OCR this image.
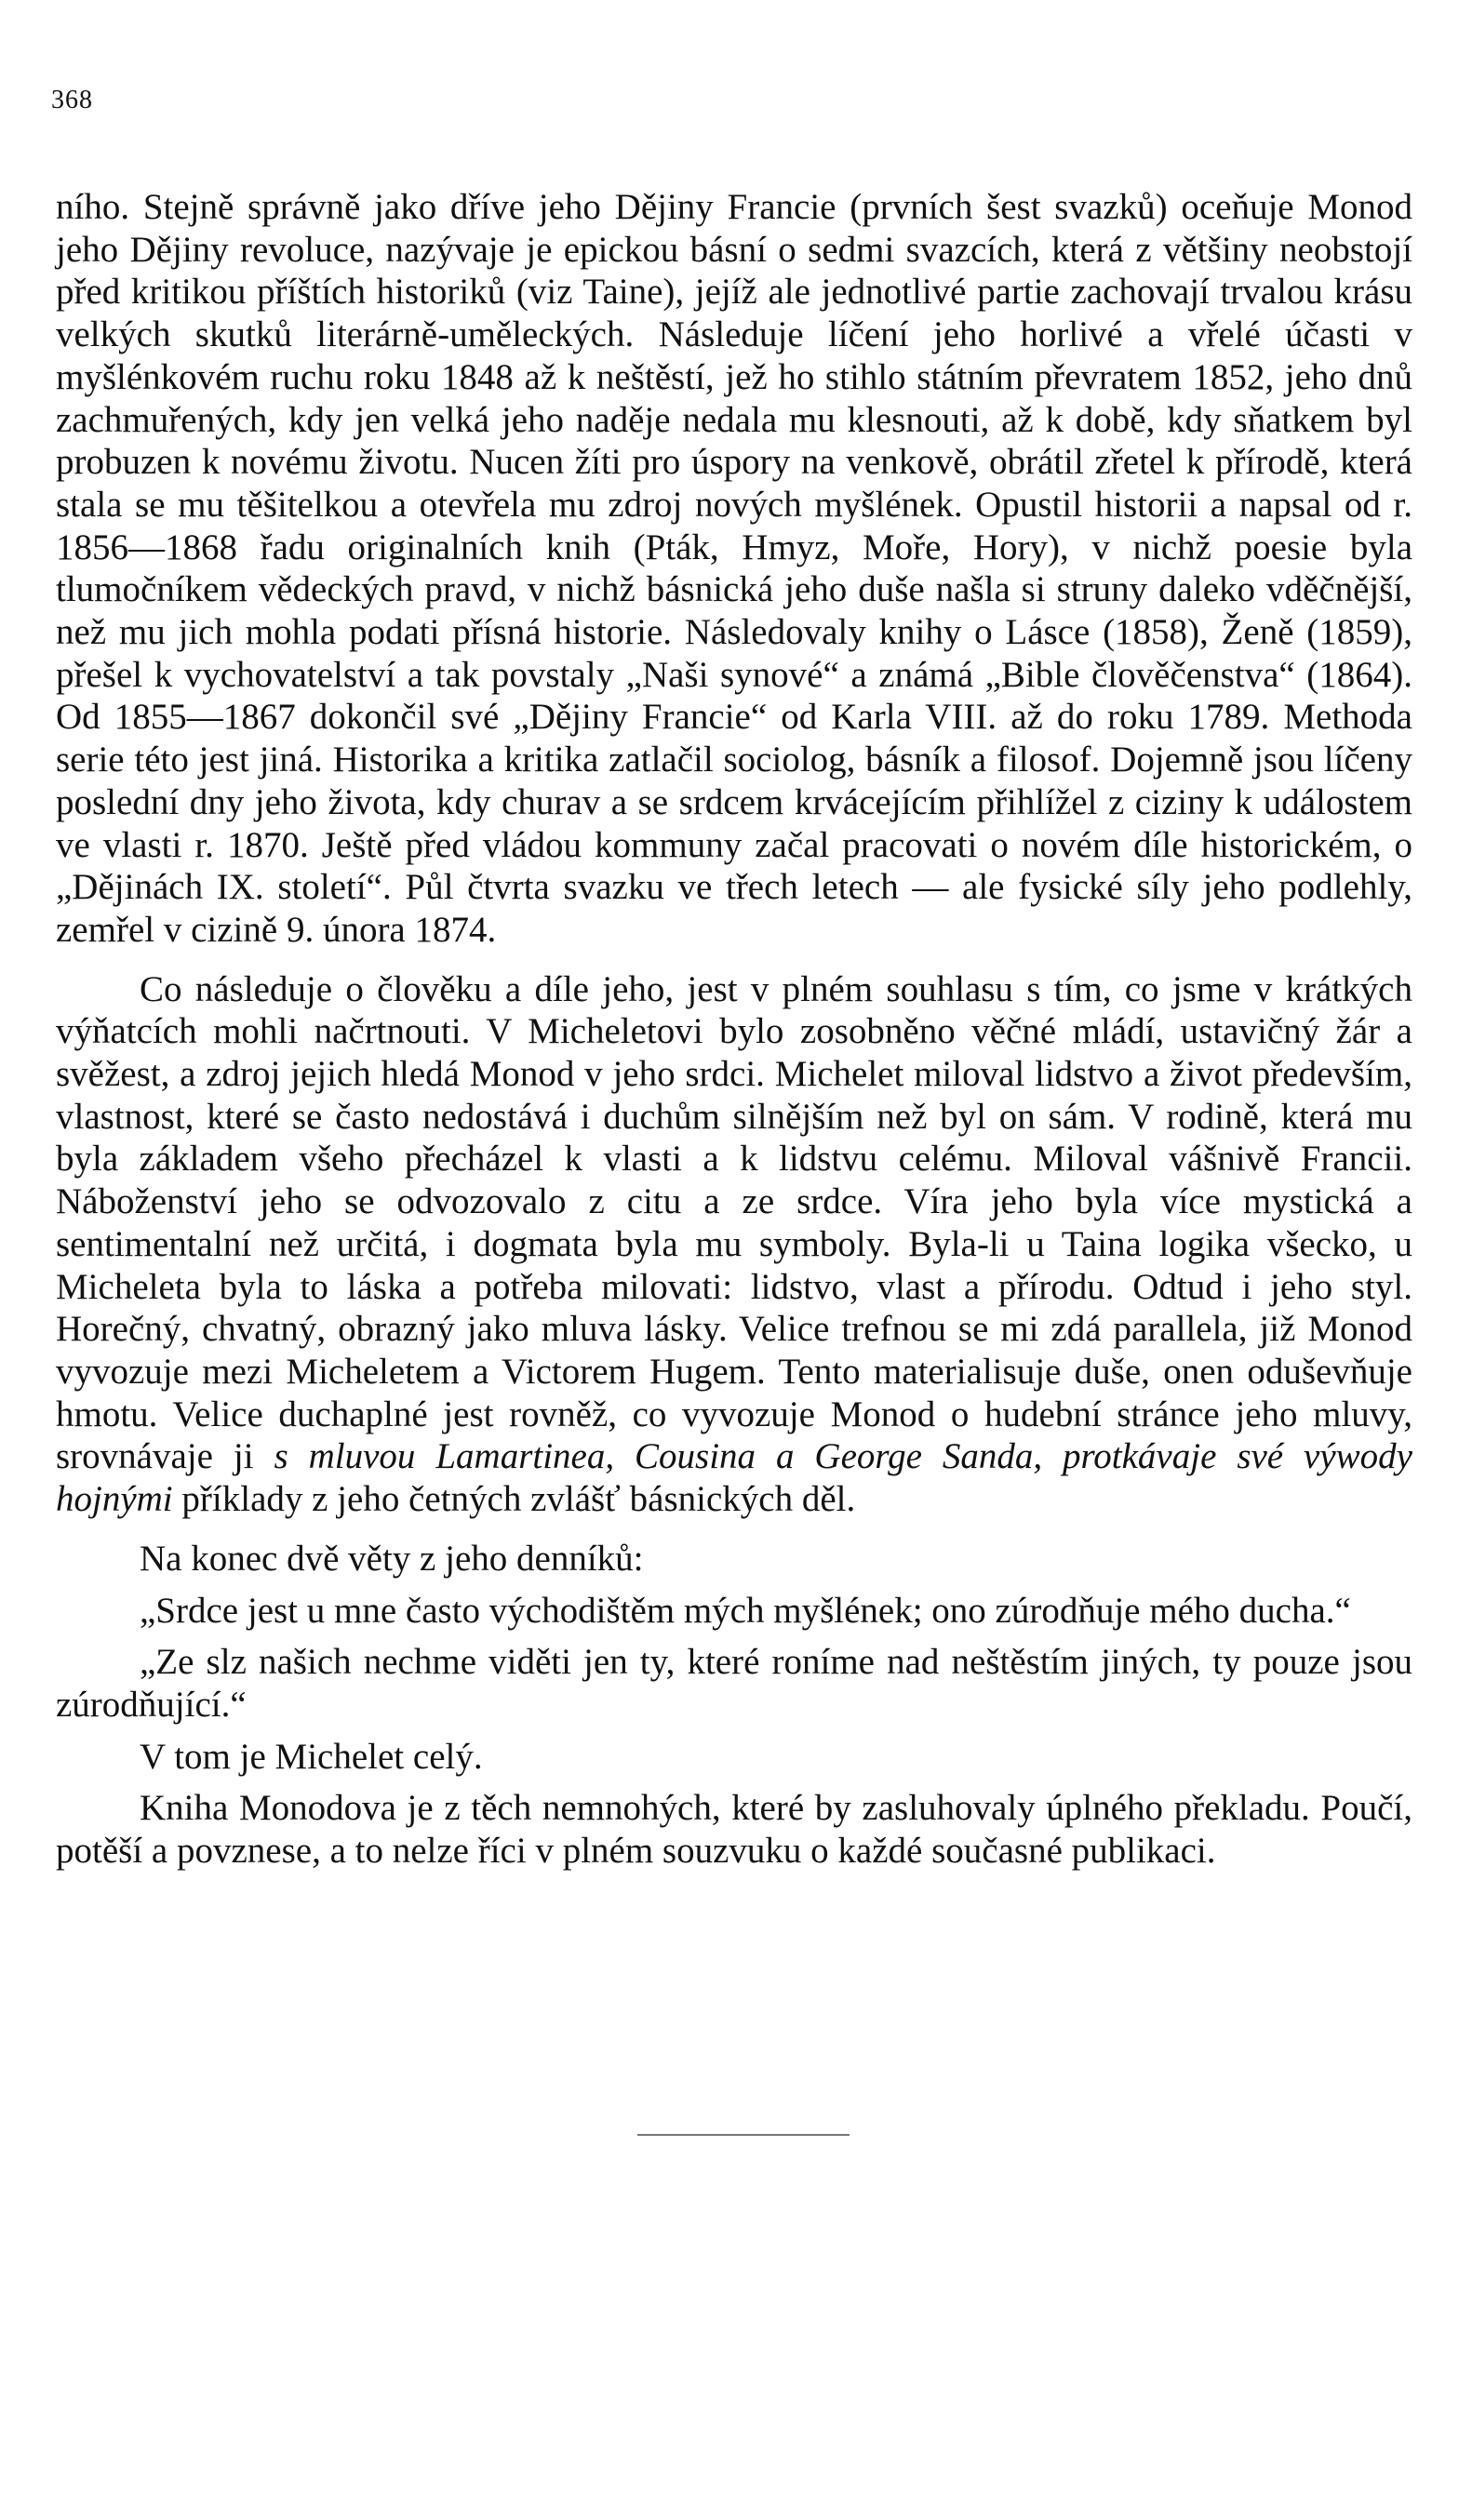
368

ního. Stejně správně jako dříve jeho Dějiny Francie (prvních šest svazků) oceňuje Monod jeho Dějiny revoluce, nazývaje je epickou básní o sedmi svazcích, která z většiny neobstojí před kritikou příštích historiků (viz Taine), jejíž ale jednotlivé partie zachovají trvalou krásu velkých skutků literárně-uměleckých. Následuje líčení jeho horlivé a vřelé účasti v myšlénkovém ruchu roku 1848 až k neštěstí, jež ho stihlo státním převratem 1852, jeho dnů zachmuřených, kdy jen velká jeho naděje nedala mu klesnouti, až k době, kdy sňatkem byl probuzen k novému životu. Nucen žíti pro úspory na venkově, obrátil zřetel k přírodě, která stala se mu těšitelkou a otevřela mu zdroj nových myšlének. Opustil historii a napsal od r. 1856—1868 řadu originalních knih (Pták, Hmyz, Moře, Hory), v nichž poesie byla tlumočníkem vědeckých pravd, v nichž básnická jeho duše našla si struny daleko vděčnější, než mu jich mohla podati přísná historie. Následovaly knihy o Lásce (1858), Ženě (1859), přešel k vychovatelství a tak povstaly „Naši synové“ a známá „Bible člověčenstva“ (1864). Od 1855—1867 dokončil své „Dějiny Francie“ od Karla VIII. až do roku 1789. Methoda serie této jest jiná. Historika a kritika zatlačil sociolog, básník a filosof. Dojemně jsou líčeny poslední dny jeho života, kdy churav a se srdcem krvácejícím přihlížel z ciziny k událostem ve vlasti r. 1870. Ještě před vládou kommuny začal pracovati o novém díle historickém, o „Dějinách IX. století“. Půl čtvrta svazku ve třech letech — ale fysické síly jeho podlehly, zemřel v cizině 9. února 1874.

Co následuje o člověku a díle jeho, jest v plném souhlasu s tím, co jsme v krátkých výňatcích mohli načrtnouti. V Micheletovi bylo zosobněno věčné mládí, ustavičný žár a svěžest, a zdroj jejich hledá Monod v jeho srdci. Michelet miloval lidstvo a život především, vlastnost, které se často nedostává i duchům silnějším než byl on sám. V rodině, která mu byla základem všeho přecházel k vlasti a k lidstvu celému. Miloval vášnivě Francii. Náboženství jeho se odvozovalo z citu a ze srdce. Víra jeho byla více mystická a sentimentalní než určitá, i dogmata byla mu symboly. Byla-li u Taina logika všecko, u Micheleta byla to láska a potřeba milovati: lidstvo, vlast a přírodu. Odtud i jeho styl. Horečný, chvatný, obrazný jako mluva lásky. Velice trefnou se mi zdá parallela, již Monod vyvozuje mezi Micheletem a Victorem Hugem. Tento materialisuje duše, onen oduševňuje hmotu. Velice duchaplné jest rovněž, co vyvozuje Monod o hudební stránce jeho mluvy, srovnávaje ji s mluvou Lamartinea, Cousina a George Sanda, protkávaje své výwody hojnými příklady z jeho četných zvlášť básnických děl.

Na konec dvě věty z jeho denníků:

„Srdce jest u mne často východištěm mých myšlének; ono zúrodňuje mého ducha.“

„Ze slz našich nechme viděti jen ty, které roníme nad neštěstím jiných, ty pouze jsou zúrodňující.“

V tom je Michelet celý.

Kniha Monodova je z těch nemnohých, které by zasluhovaly úplného překladu. Poučí, potěší a povznese, a to nelze říci v plném souzvuku o každé současné publikaci.
